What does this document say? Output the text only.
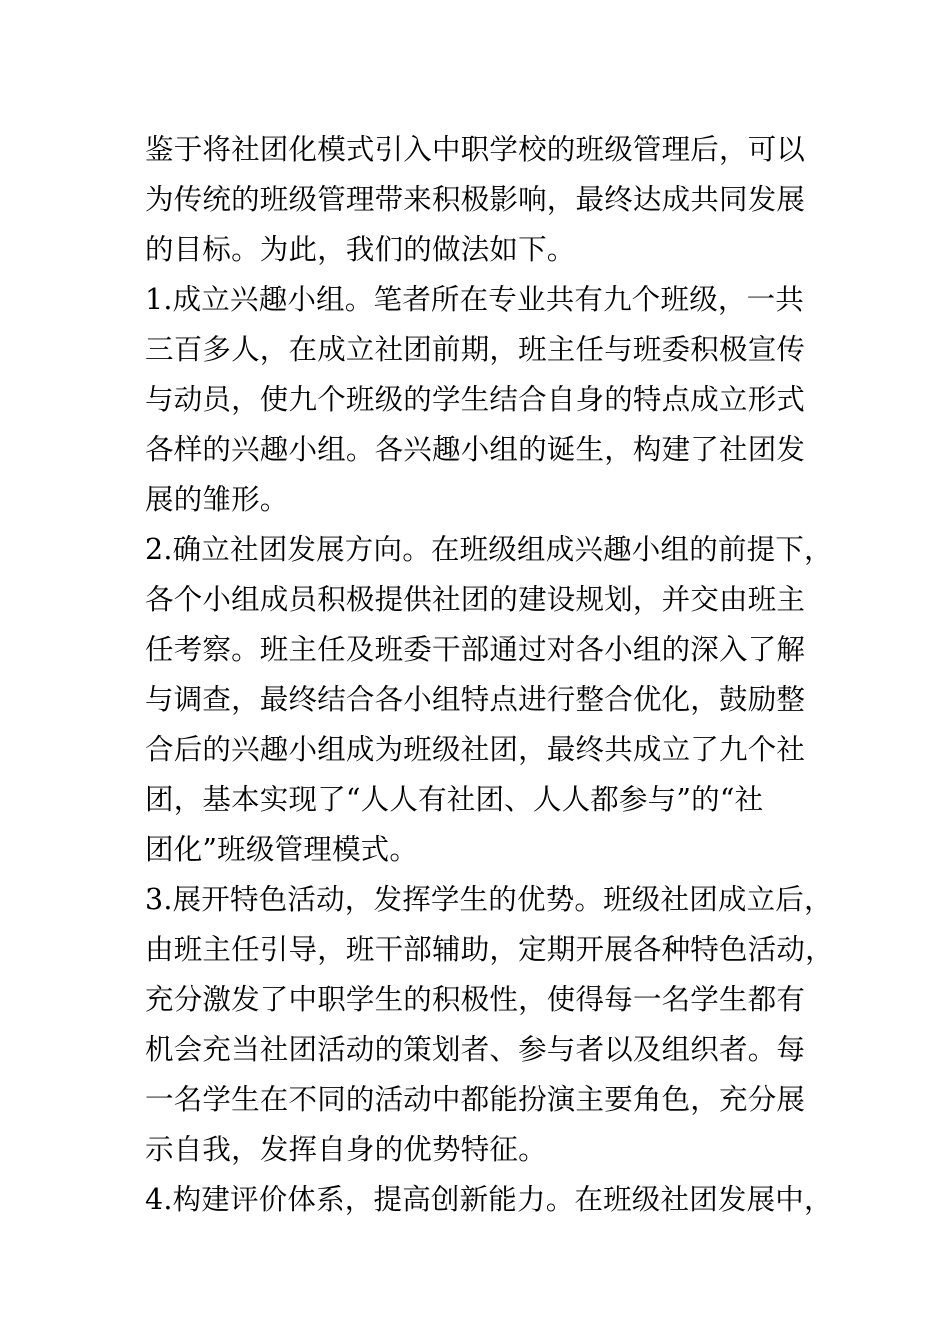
鉴于将社团化模式引入中职学校的班级管理后，可以
为传统的班级管理带来积极影响，最终达成共同发展
的目标。为此，我们的做法如下。
1.成立兴趣小组。笔者所在专业共有九个班级，一共
三百多人，在成立社团前期，班主任与班委积极宣传
与动员，使九个班级的学生结合自身的特点成立形式
各样的兴趣小组。各兴趣小组的诞生，构建了社团发
展的雏形。
2.确立社团发展方向。在班级组成兴趣小组的前提下，
各个小组成员积极提供社团的建设规划，并交由班主
任考察。班主任及班委干部通过对各小组的深入了解
与调查，最终结合各小组特点进行整合优化，鼓励整
合后的兴趣小组成为班级社团，最终共成立了九个社
团，基本实现了“人人有社团、人人都参与”的“社
团化”班级管理模式。
3.展开特色活动，发挥学生的优势。班级社团成立后，
由班主任引导，班干部辅助，定期开展各种特色活动，
充分激发了中职学生的积极性，使得每一名学生都有
机会充当社团活动的策划者、参与者以及组织者。每
一名学生在不同的活动中都能扮演主要角色，充分展
示自我，发挥自身的优势特征。
4.构建评价体系，提高创新能力。在班级社团发展中，
